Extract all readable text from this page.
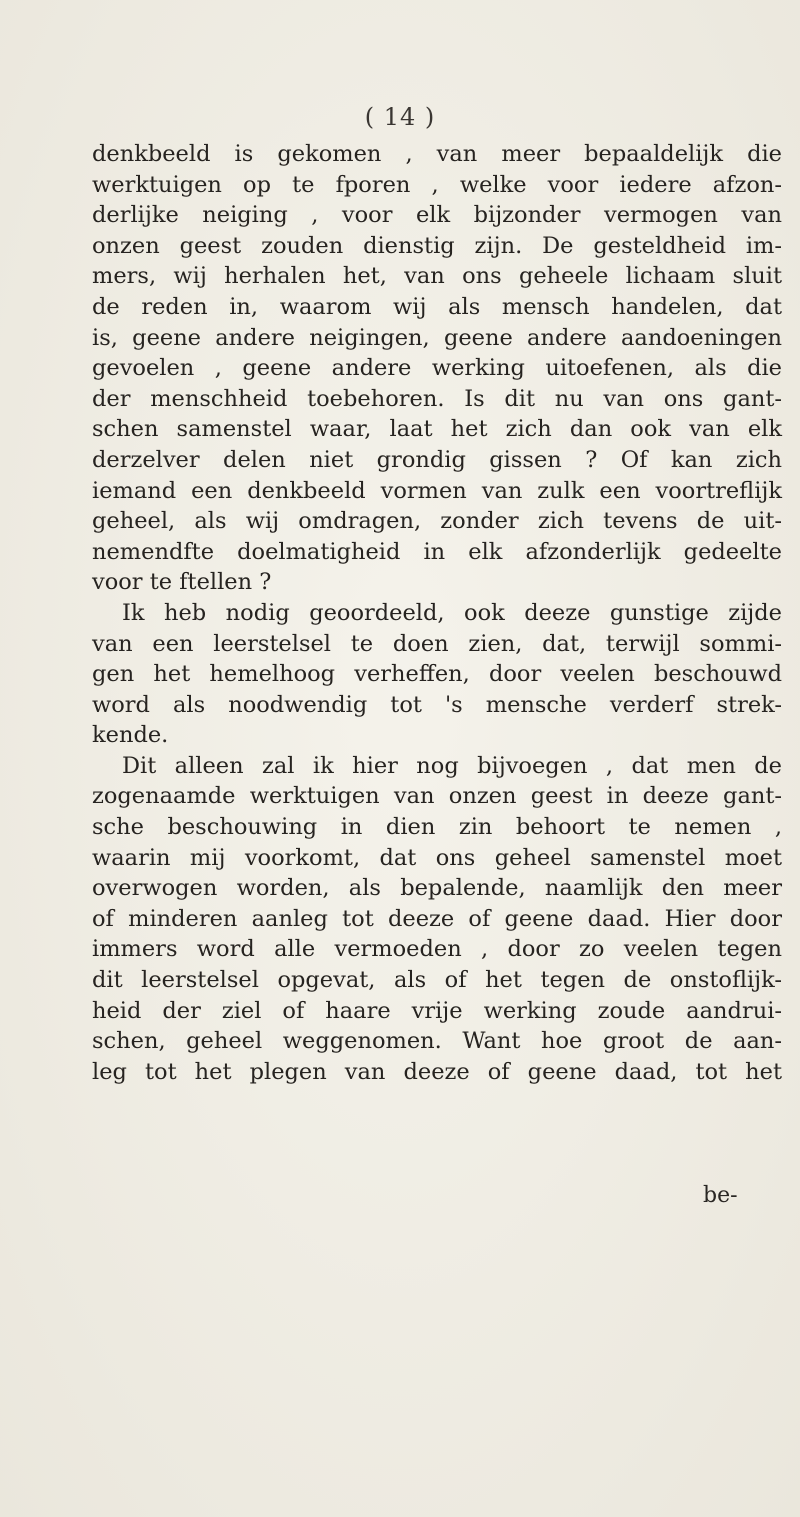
( 14 )
denkbeeld is gekomen , van meer bepaaldelijk die
werktuigen op te fporen , welke voor iedere afzon-
derlijke neiging , voor elk bijzonder vermogen van
onzen geest zouden dienstig zijn. De gesteldheid im-
mers, wij herhalen het, van ons geheele lichaam sluit
de reden in, waarom wij als mensch handelen, dat
is, geene andere neigingen, geene andere aandoeningen
gevoelen , geene andere werking uitoefenen, als die
der menschheid toebehoren. Is dit nu van ons gant-
schen samenstel waar, laat het zich dan ook van elk
derzelver delen niet grondig gissen ? Of kan zich
iemand een denkbeeld vormen van zulk een voortreflijk
geheel, als wij omdragen, zonder zich tevens de uit-
nemendfte doelmatigheid in elk afzonderlijk gedeelte
voor te ftellen ?
Ik heb nodig geoordeeld, ook deeze gunstige zijde
van een leerstelsel te doen zien, dat, terwijl sommi-
gen het hemelhoog verheffen, door veelen beschouwd
word als noodwendig tot 's mensche verderf strek-
kende.
Dit alleen zal ik hier nog bijvoegen , dat men de
zogenaamde werktuigen van onzen geest in deeze gant-
sche beschouwing in dien zin behoort te nemen ,
waarin mij voorkomt, dat ons geheel samenstel moet
overwogen worden, als bepalende, naamlijk den meer
of minderen aanleg tot deeze of geene daad. Hier door
immers word alle vermoeden , door zo veelen tegen
dit leerstelsel opgevat, als of het tegen de onstoflijk-
heid der ziel of haare vrije werking zoude aandrui-
schen, geheel weggenomen. Want hoe groot de aan-
leg tot het plegen van deeze of geene daad, tot het
be-
